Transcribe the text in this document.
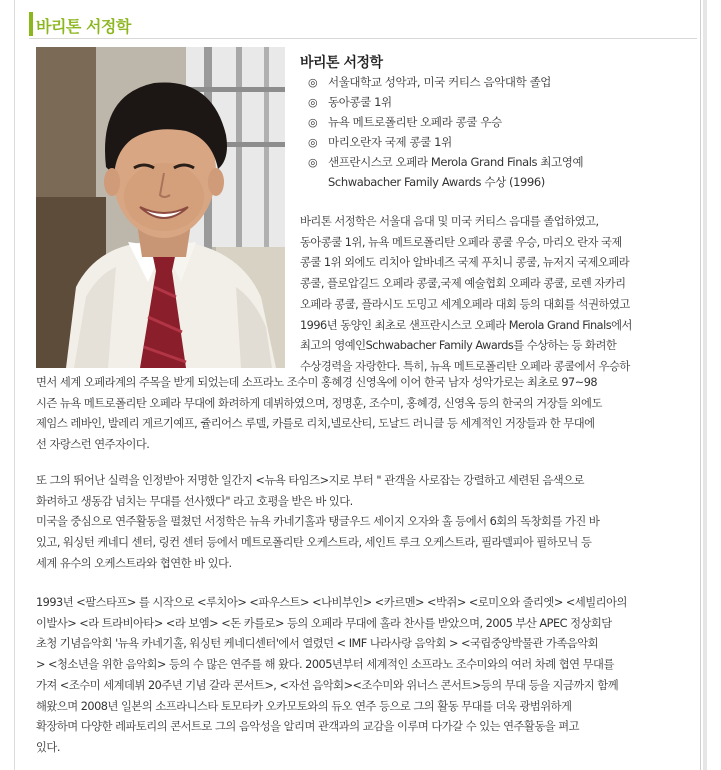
바리톤 서정학
바리톤 서정학
◎ 서울대학교 성악과, 미국 커티스 음악대학 졸업
◎ 동아콩쿨 1위
◎ 뉴욕 메트로폴리탄 오페라 콩쿨 우승
◎ 마리오란자 국제 콩쿨 1위
◎ 샌프란시스코 오페라 Merola Grand Finals 최고영예
Schwabacher Family Awards 수상 (1996)
바리톤 서정학은 서울대 음대 및 미국 커티스 음대를 졸업하였고,
동아콩쿨 1위, 뉴욕 메트로폴리탄 오페라 콩쿨 우승, 마리오 란자 국제
콩쿨 1위 외에도 리치아 알바네즈 국제 푸치니 콩쿨, 뉴저지 국제오페라
콩쿨, 플로압길드 오페라 콩쿨,국제 예술협회 오페라 콩쿨, 로렌 자카리
오페라 콩쿨, 플라시도 도밍고 세계오페라 대회 등의 대회를 석권하였고
1996년 동양인 최초로 샌프란시스코 오페라 Merola Grand Finals에서
최고의 영예인Schwabacher Family Awards를 수상하는 등 화려한
수상경력을 자랑한다. 특히, 뉴욕 메트로폴리탄 오페라 콩쿨에서 우승하
면서 세계 오페라계의 주목을 받게 되었는데 소프라노 조수미 홍혜경 신영옥에 이어 한국 남자 성악가로는 최초로 97~98
시즌 뉴욕 메트로폴리탄 오페라 무대에 화려하게 데뷔하였으며, 정명훈, 조수미, 홍혜경, 신영옥 등의 한국의 거장들 외에도
제임스 레바인, 발레리 게르기예프, 쥴리어스 루델, 카를로 리치,넬로산티, 도날드 러니클 등 세계적인 거장들과 한 무대에
선 자랑스런 연주자이다.
또 그의 뛰어난 실력을 인정받아 저명한 일간지 <뉴욕 타임즈>지로 부터 " 관객을 사로잡는 강렬하고 세련된 음색으로
화려하고 생동감 넘치는 무대를 선사했다" 라고 호평을 받은 바 있다.
미국을 중심으로 연주활동을 펼쳤던 서정학은 뉴욕 카네기홀과 탱글우드 세이지 오자와 홀 등에서 6회의 독창회를 가진 바
있고, 워싱턴 케네디 센터, 링컨 센터 등에서 메트로폴리탄 오케스트라, 세인트 루크 오케스트라, 필라델피아 필하모닉 등
세계 유수의 오케스트라와 협연한 바 있다.
1993년 <팔스타프> 를 시작으로 <루치아> <파우스트> <나비부인> <카르멘> <박쥐> <로미오와 줄리엣> <세빌리아의
이발사> <라 트라비아타> <라 보엠> <돈 카를로> 등의 오페라 무대에 홀라 찬사를 받았으며, 2005 부산 APEC 정상회담
초청 기념음악회 '뉴욕 카네기홀, 워싱턴 케네디센터'에서 열렸던 < IMF 나라사랑 음악회 > <국립중앙박물관 가족음악회
> <청소년을 위한 음악회> 등의 수 많은 연주를 해 왔다. 2005년부터 세계적인 소프라노 조수미와의 여러 차례 협연 무대를
가져 <조수미 세계데뷔 20주년 기념 갈라 콘서트>, <자선 음악회><조수미와 위너스 콘서트>등의 무대 등을 지금까지 함께
해왔으며 2008년 일본의 소프라니스타 토모타카 오카모토와의 듀오 연주 등으로 그의 활동 무대를 더욱 광범위하게
확장하며 다양한 레파토리의 콘서트로 그의 음악성을 알리며 관객과의 교감을 이루며 다가갈 수 있는 연주활동을 펴고
있다.
